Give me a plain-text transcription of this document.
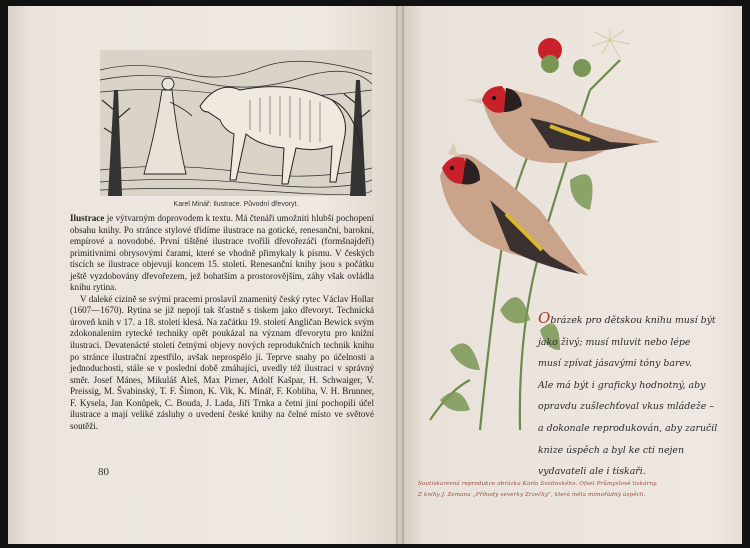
Karel Minář: Ilustrace. Původní dřevoryt.

Ilustrace je výtvarným doprovodem k textu. Má čtenáři umožniti hlubší pochopení obsahu knihy. Po stránce stylové třídíme ilustrace na gotické, renesanční, barokní, empírové a novodobé. První tištěné ilustrace tvořili dřevořezáči (formšnajdeři) primitivními obrysovými čarami, které se vhodně přimykaly k písmu. V českých tiscích se ilustrace objevují koncem 15. století. Renesanční knihy jsou s počátku ještě vyzdobovány dřevořezem, jež bohatším a prostorovějším, záhy však ovládla knihu rytina.

V daleké cizině se svými pracemi proslavil znamenitý český rytec Václav Hollar (1607—1670). Rytina se již nepojí tak šťastně s tiskem jako dřevoryt. Technická úroveň knih v 17. a 18. století klesá. Na začátku 19. století Angličan Bewick svým zdokonalením rytecké techniky opět poukázal na význam dřevorytu pro knižní ilustraci. Devatenácté století četnými objevy nových reprodukčních technik knihu po stránce ilustrační zpestřilo, avšak neprospělo jí. Teprve snahy po účelnosti a jednoduchosti, stále se v poslední době zmáhající, uvedly též ilustraci v správný směr. Josef Mánes, Mikuláš Aleš, Max Pirner, Adolf Kašpar, H. Schwaiger, V. Preissig, M. Švabinský, T. F. Šimon, K. Vik, K. Minář, F. Kobliha, V. H. Brunner, F. Kysela, Jan Konůpek, C. Bouda, J. Lada, Jiří Trnka a četní jiní pochopili účel ilustrace a mají veliké zásluhy o uvedení české knihy na čelné místo ve světové soutěži.

80
Obrázek pro dětskou knihu musí být
jako živý; musí mluvit nebo lépe
musí zpívat jásavými tóny barev.
Ale má být i graficky hodnotný, aby
opravdu zušlechťoval vkus mládeže –
a dokonale reprodukován, aby zaručil
knize úspěch a byl ke cti nejen
vydavateli ale i tiskaři.
Soutiskarevná reprodukce obrázku Karla Svolinského. Ofset Průmyslové tiskárny.
Z knihy J. Zemana „Příhody veverky Zrzečky", která měla mimořádný úspěch.
